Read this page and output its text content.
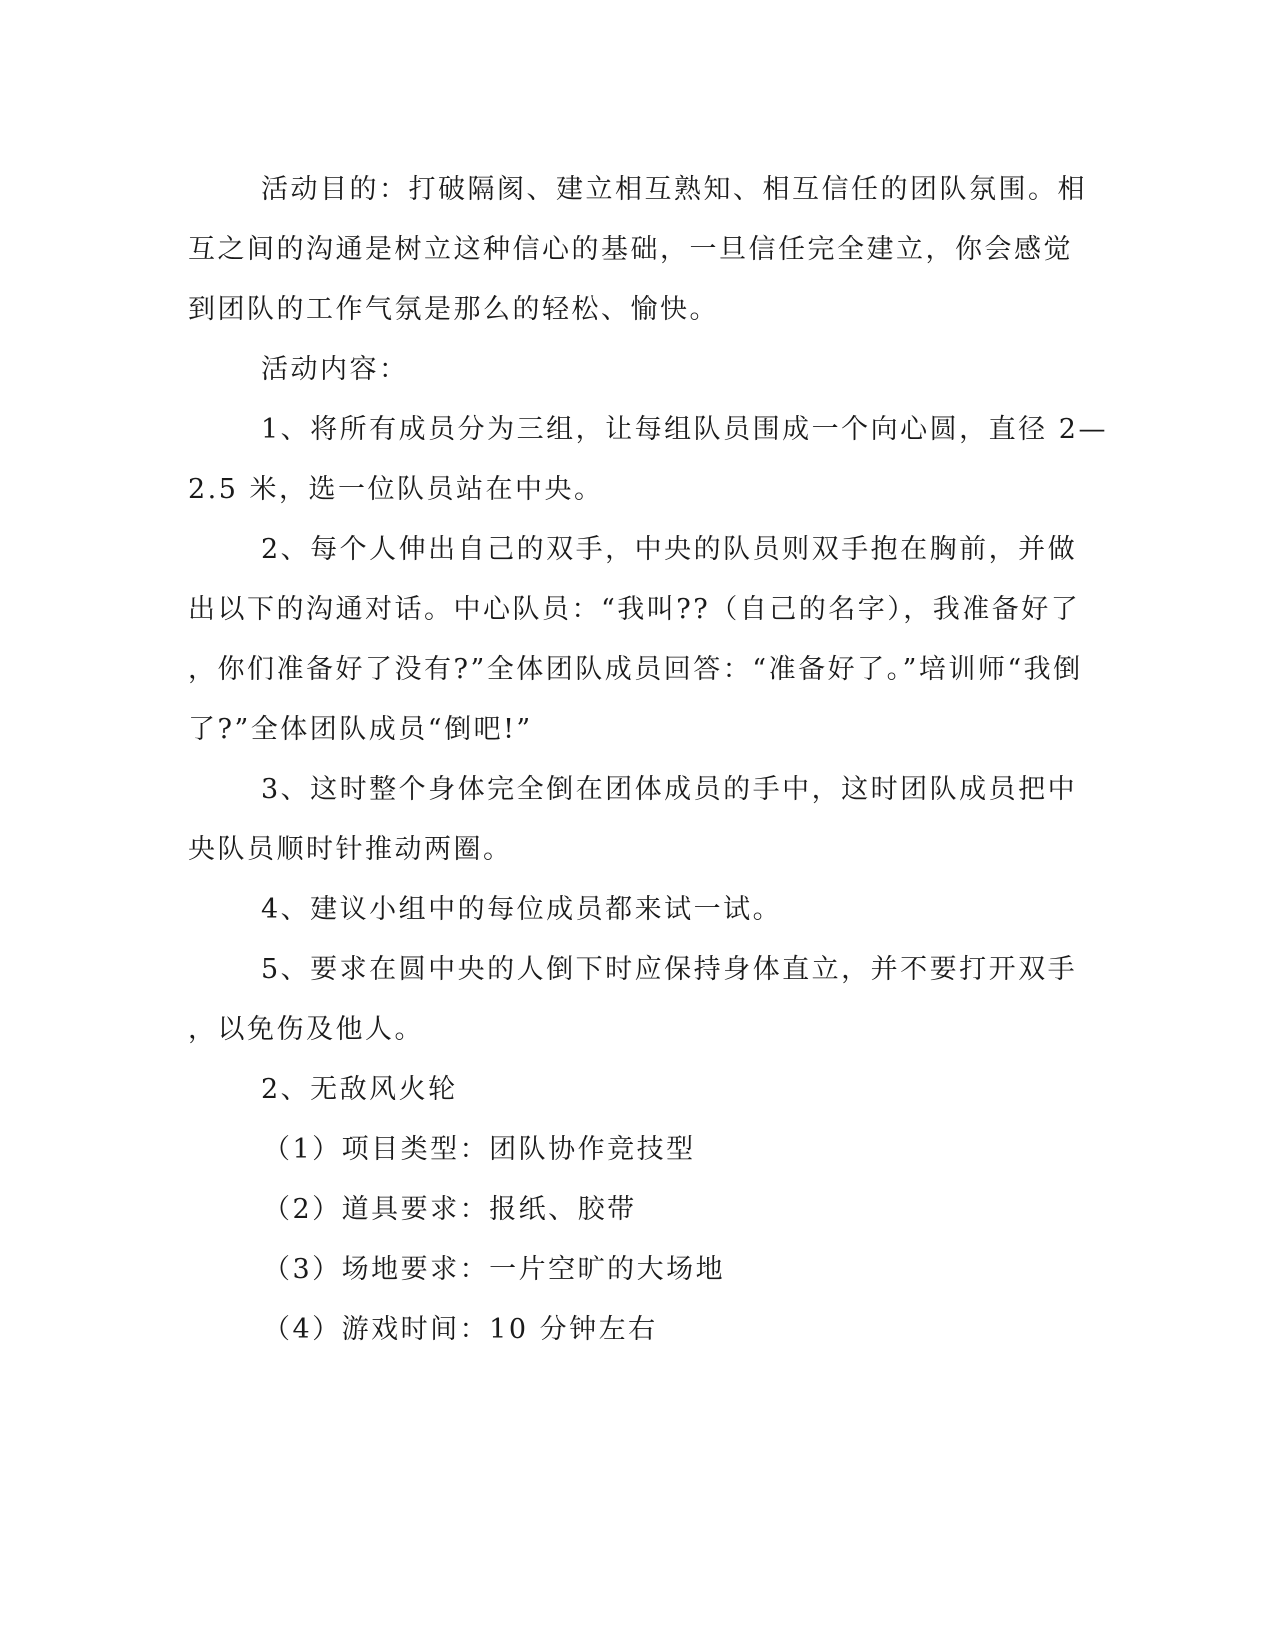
活动目的：打破隔阂、建立相互熟知、相互信任的团队氛围。相
互之间的沟通是树立这种信心的基础，一旦信任完全建立，你会感觉
到团队的工作气氛是那么的轻松、愉快。
活动内容：
1、将所有成员分为三组，让每组队员围成一个向心圆，直径 2—
2.5 米，选一位队员站在中央。
2、每个人伸出自己的双手，中央的队员则双手抱在胸前，并做
出以下的沟通对话。中心队员：“我叫??（自己的名字），我准备好了
，你们准备好了没有?”全体团队成员回答：“准备好了。”培训师“我倒
了?”全体团队成员“倒吧!”
3、这时整个身体完全倒在团体成员的手中，这时团队成员把中
央队员顺时针推动两圈。
4、建议小组中的每位成员都来试一试。
5、要求在圆中央的人倒下时应保持身体直立，并不要打开双手
，以免伤及他人。
2、无敌风火轮
（1）项目类型：团队协作竞技型
（2）道具要求：报纸、胶带
（3）场地要求：一片空旷的大场地
（4）游戏时间：10 分钟左右
